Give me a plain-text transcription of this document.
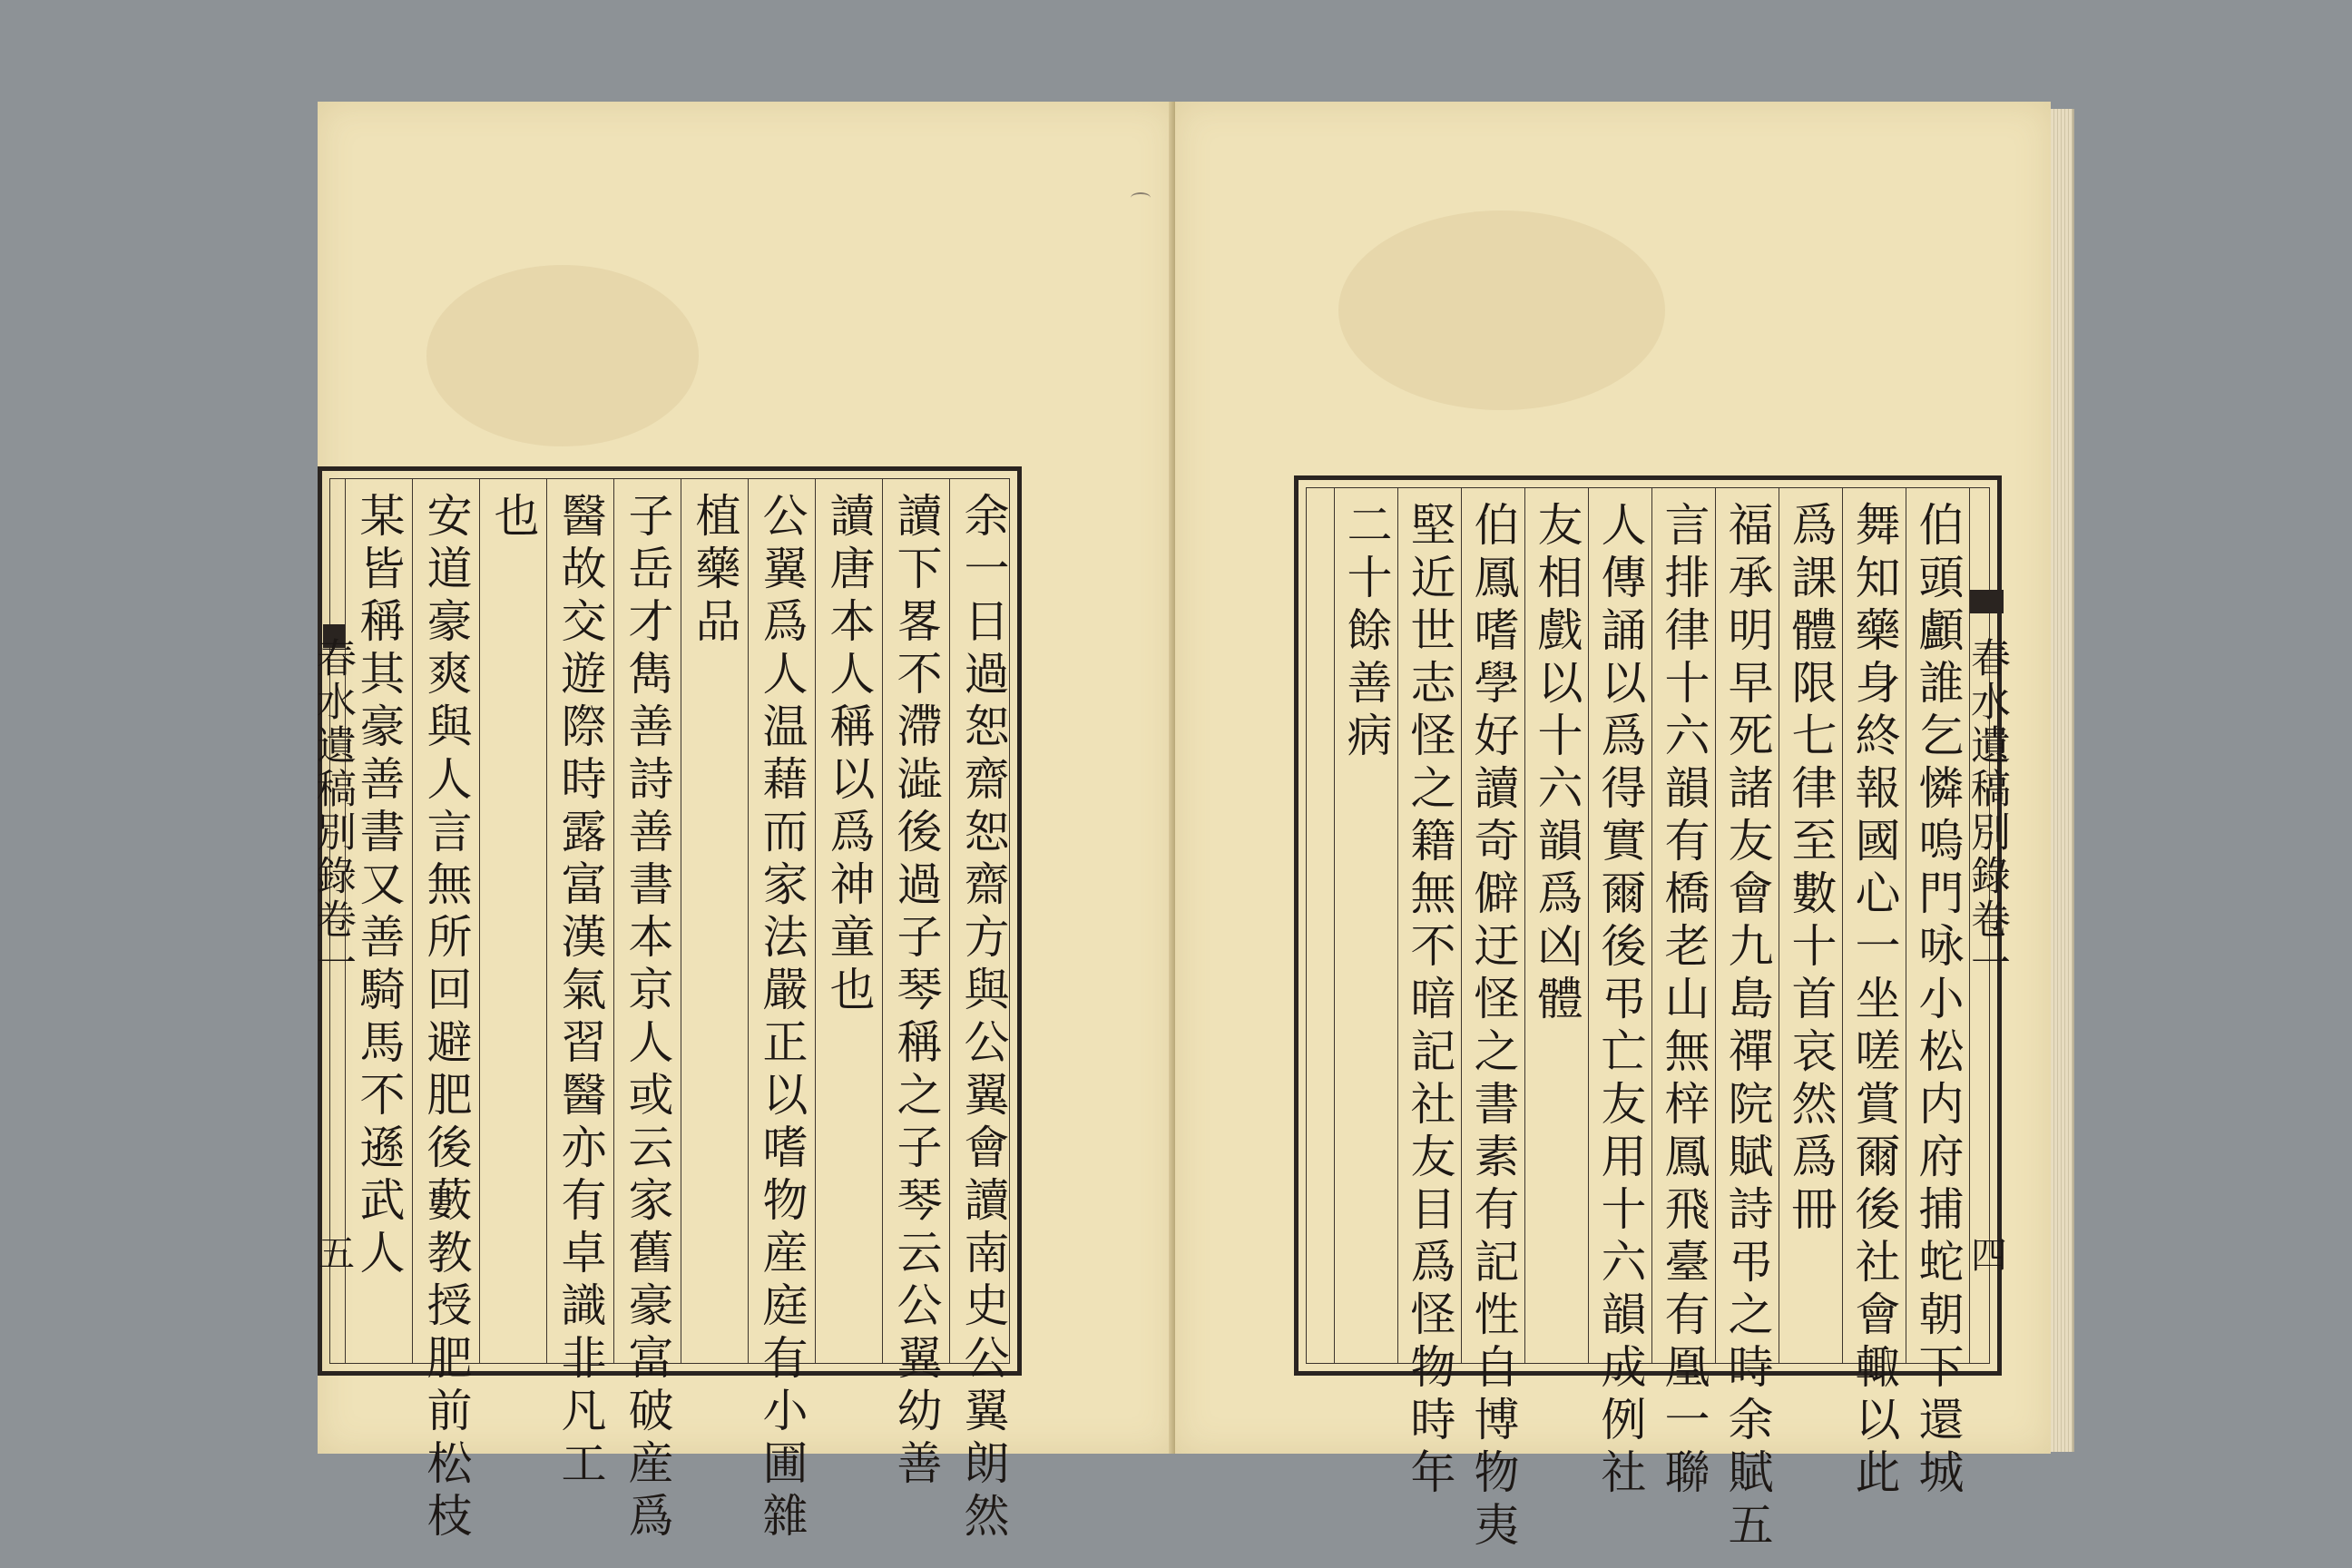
余一日過恕齋恕齋方與公翼會讀南史公翼朗然
讀下畧不滯澁後過子琴稱之子琴云公翼幼善
讀唐本人稱以爲神童也
公翼爲人温藉而家法嚴正以嗜物産庭有小圃雜
植藥品
子岳才雋善詩善書本京人或云家舊豪富破産爲
醫故交遊際時露富漢氣習醫亦有卓識非凡工
也
安道豪爽與人言無所回避肥後藪教授肥前松枝
某皆稱其豪善書又善騎馬不遜武人
春水遺稿別錄卷一
五	伯頭顱誰乞憐嗚門咏小松内府捕蛇朝下還城
舞知藥身終報國心一坐嗟賞爾後社會輙以此
爲課體限七律至數十首哀然爲冊
福承明早死諸友會九島禪院賦詩弔之時余賦五
言排律十六韻有橋老山無梓鳳飛臺有凰一聯
人傳誦以爲得實爾後弔亡友用十六韻成例社
友相戲以十六韻爲凶體
伯鳳嗜學好讀奇僻迂怪之書素有記性自博物夷
堅近世志怪之籍無不暗記社友目爲怪物時年
二十餘善病
春水遺稿別錄卷一
四
